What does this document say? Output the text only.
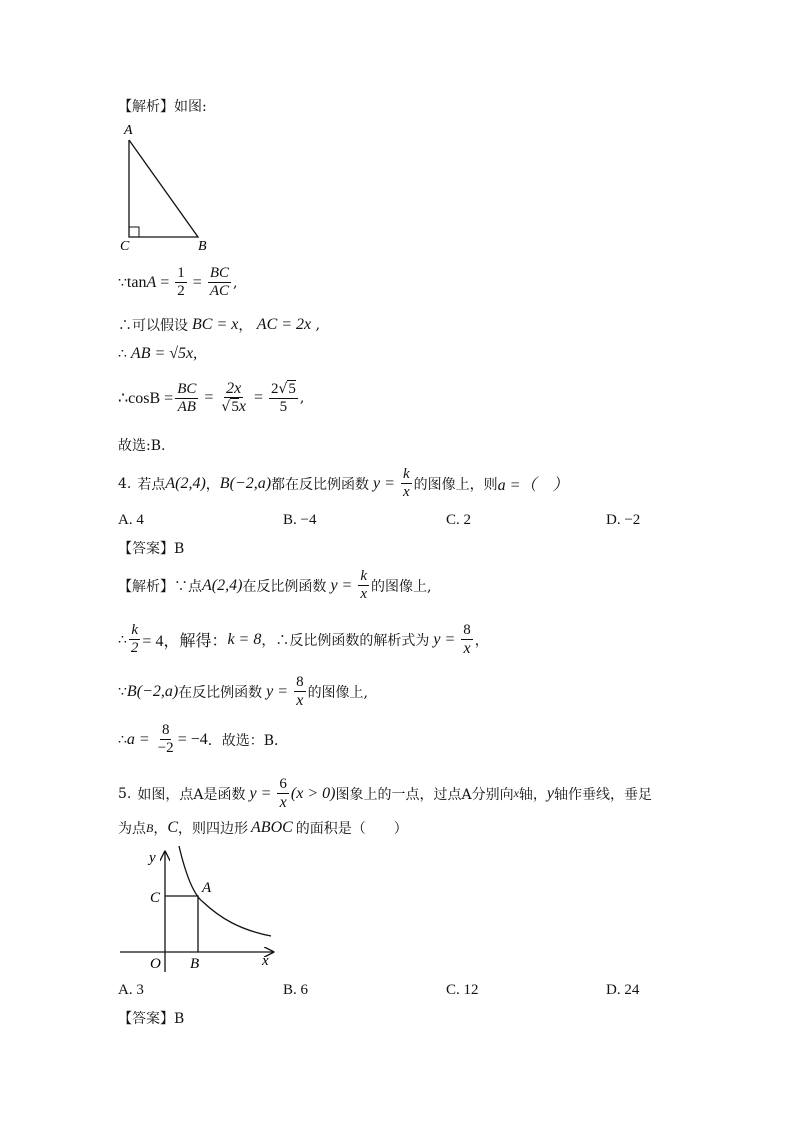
【解析】如图:
A
C	B
∵ $\tan A = \frac{1}{2} = \frac{BC}{AC}$ ,
∴可以假设 BC = x ， AC = 2x ,
∴ AB = √5x,
∴cosB = $\frac{BC}{AB} = \frac{2x}{√5x} = \frac{2√5}{5}$ ,
故选:B.
4. 若点 A(2,4) ， B(−2,a) 都在反比例函数 $y = \frac{k}{x}$ 的图像上，则 a =（　）
A. 4	B. −4	C. 2	D. −2
【答案】B
【解析】 ∵点 A(2,4) 在反比例函数 $y = \frac{k}{x}$ 的图像上,
∴ $\frac{k}{2} = 4$，解得： k = 8 ，∴反比例函数的解析式为 $y = \frac{8}{x}$ ，
∵ B(−2,a) 在反比例函数 $y = \frac{8}{x}$ 的图像上,
∴ $a = \frac{8}{-2} = -4$ ．故选：B．
5. 如图，点A是函数 $y = \frac{6}{x} (x > 0)$ 图象上的一点，过点A分别向 x 轴， y 轴作垂线，垂足
为点 B ， C ，则四边形 ABOC 的面积是（　　）
y
x
C
A
O B
A. 3	B. 6	C. 12	D. 24
【答案】B
